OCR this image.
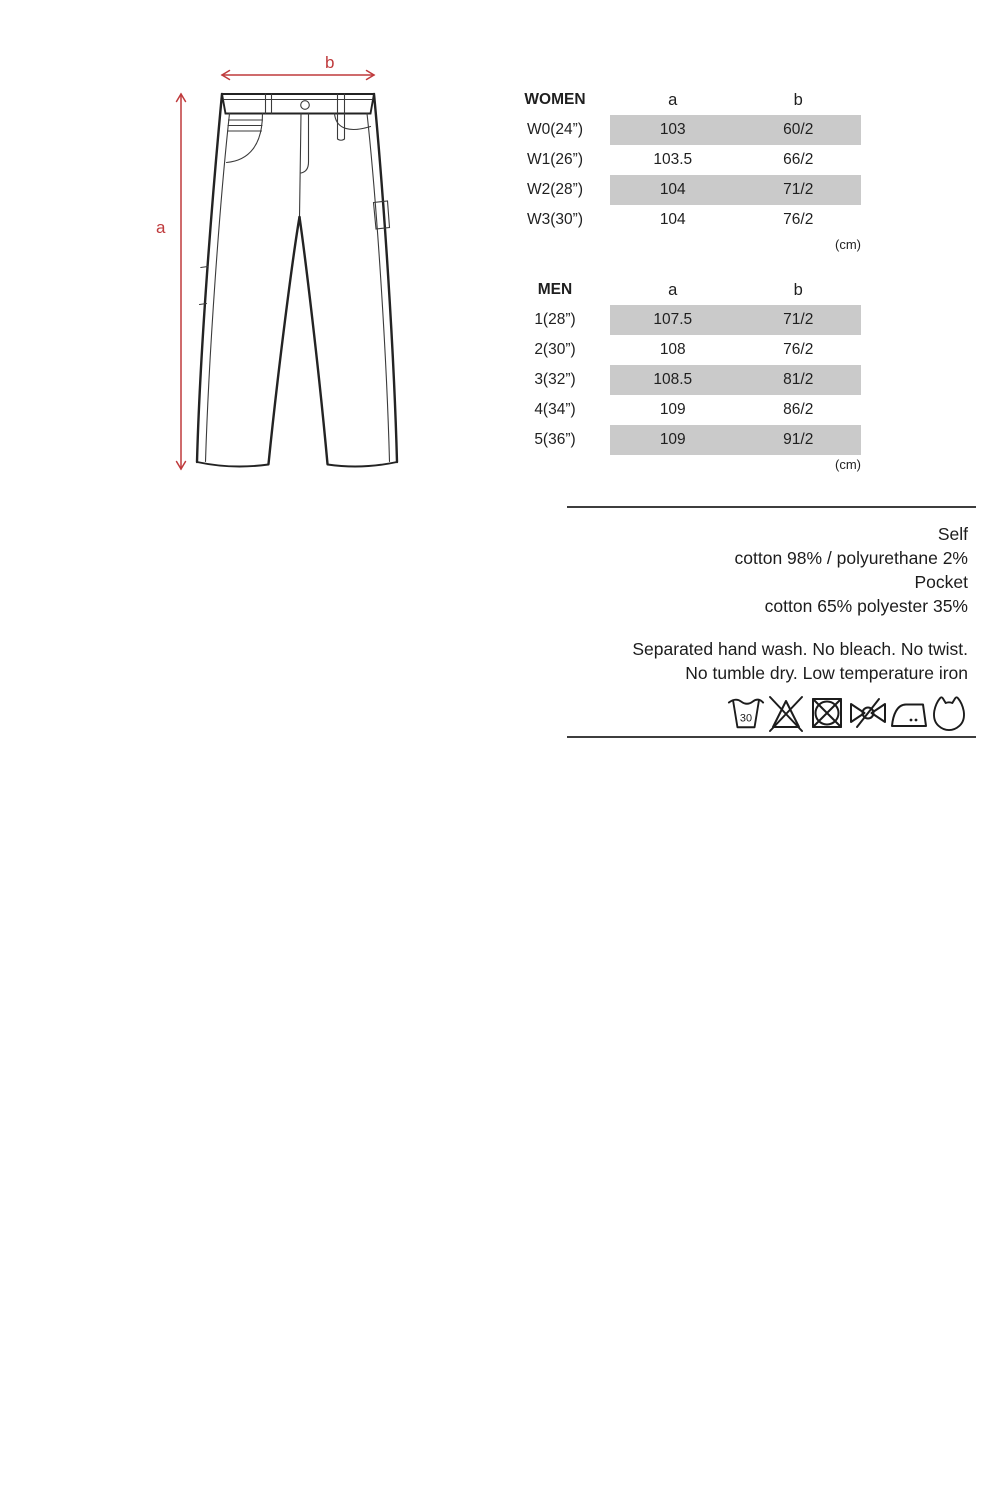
b
a
WOMEN	a	b
W0(24”)	103	60/2
W1(26”)	103.5	66/2
W2(28”)	104	71/2
W3(30”)	104	76/2
(cm)
MEN	a	b
1(28”)	107.5	71/2
2(30”)	108	76/2
3(32”)	108.5	81/2
4(34”)	109	86/2
5(36”)	109	91/2
(cm)
Self
cotton 98% / polyurethane 2%
Pocket
cotton 65% polyester 35%
Separated hand wash. No bleach. No twist.
No tumble dry. Low temperature iron
30
